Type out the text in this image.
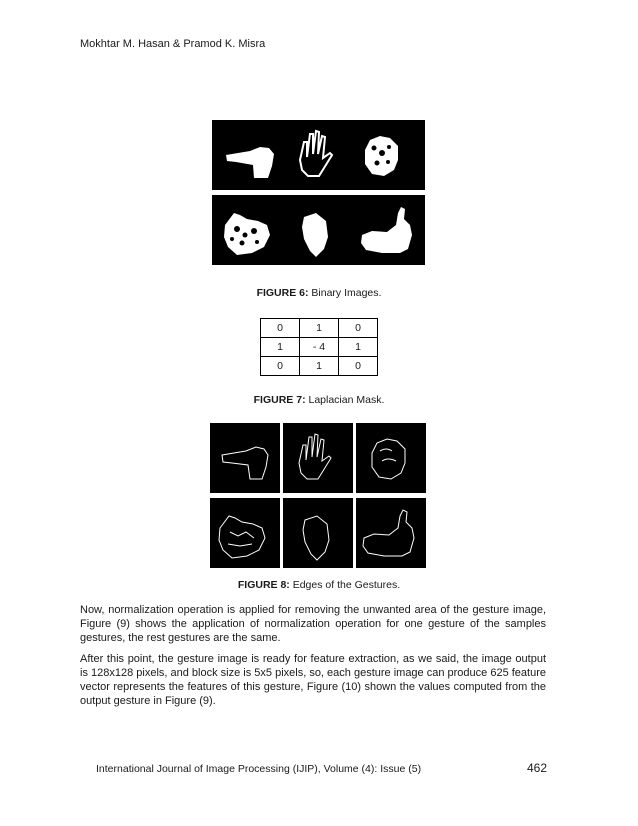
Mokhtar M. Hasan & Pramod K. Misra
FIGURE 6: Binary Images.
0	1	0
1	- 4	1
0	1	0
FIGURE 7: Laplacian Mask.
FIGURE 8: Edges of the Gestures.
Now, normalization operation is applied for removing the unwanted area of the gesture image, Figure (9) shows the application of normalization operation for one gesture of the samples gestures, the rest gestures are the same.
After this point, the gesture image is ready for feature extraction, as we said, the image output is 128x128 pixels, and block size is 5x5 pixels, so, each gesture image can produce 625 feature vector represents the features of this gesture, Figure (10) shown the values computed from the output gesture in Figure (9).
International Journal of Image Processing (IJIP), Volume (4): Issue (5)	462
